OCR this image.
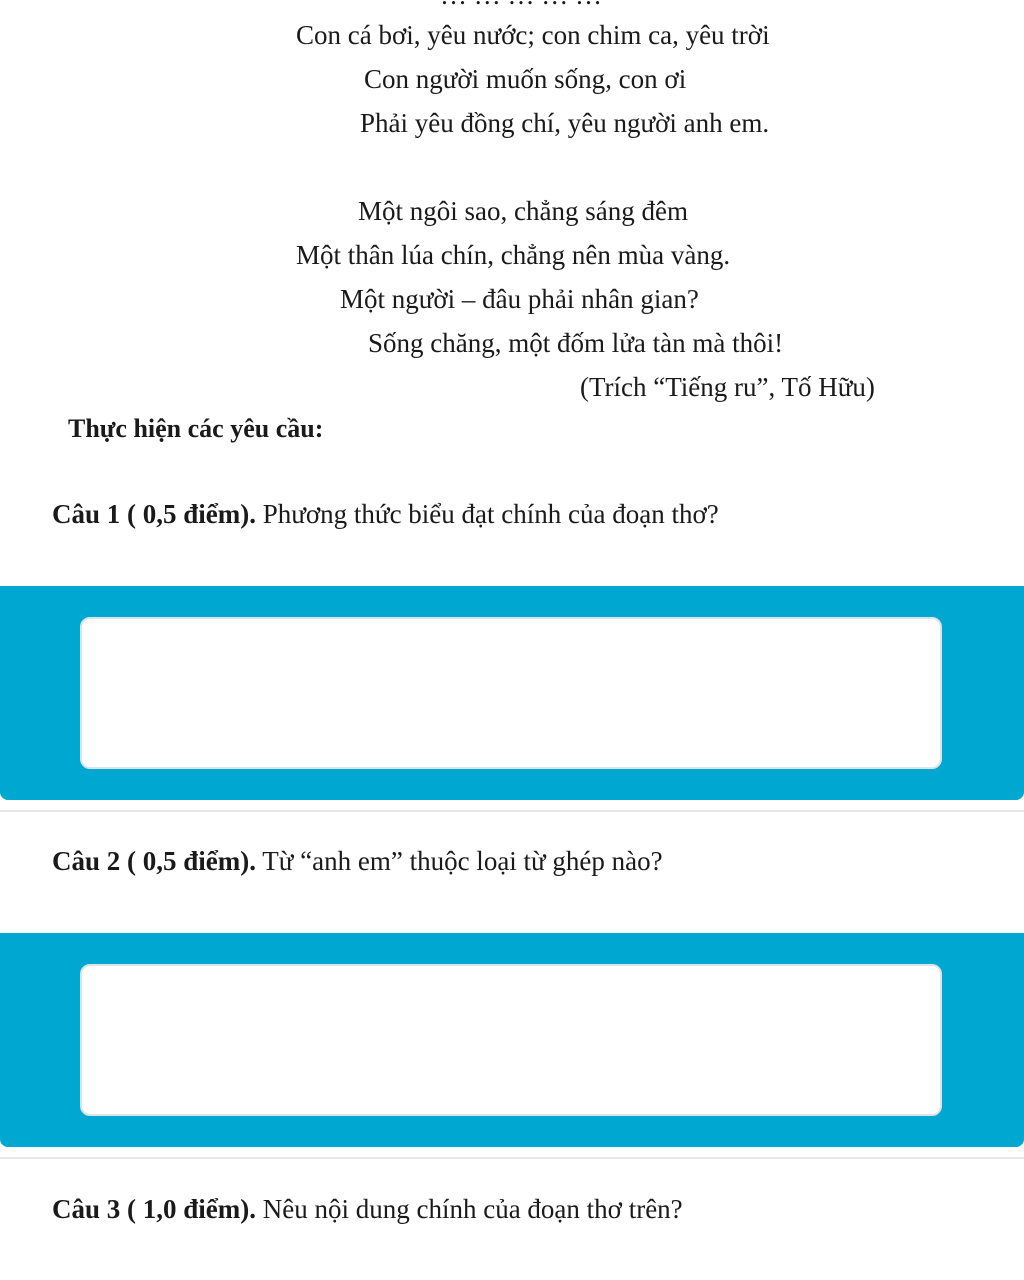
Con cá bơi, yêu nước; con chim ca, yêu trời
Con người muốn sống, con ơi
Phải yêu đồng chí, yêu người anh em.
Một ngôi sao, chẳng sáng đêm
Một thân lúa chín, chẳng nên mùa vàng.
Một người – đâu phải nhân gian?
Sống chăng, một đốm lửa tàn mà thôi!
(Trích “Tiếng ru”, Tố Hữu)
Thực hiện các yêu cầu:
Câu 1 ( 0,5 điểm). Phương thức biểu đạt chính của đoạn thơ?
Câu 2 ( 0,5 điểm). Từ “anh em” thuộc loại từ ghép nào?
Câu 3 ( 1,0 điểm). Nêu nội dung chính của đoạn thơ trên?
